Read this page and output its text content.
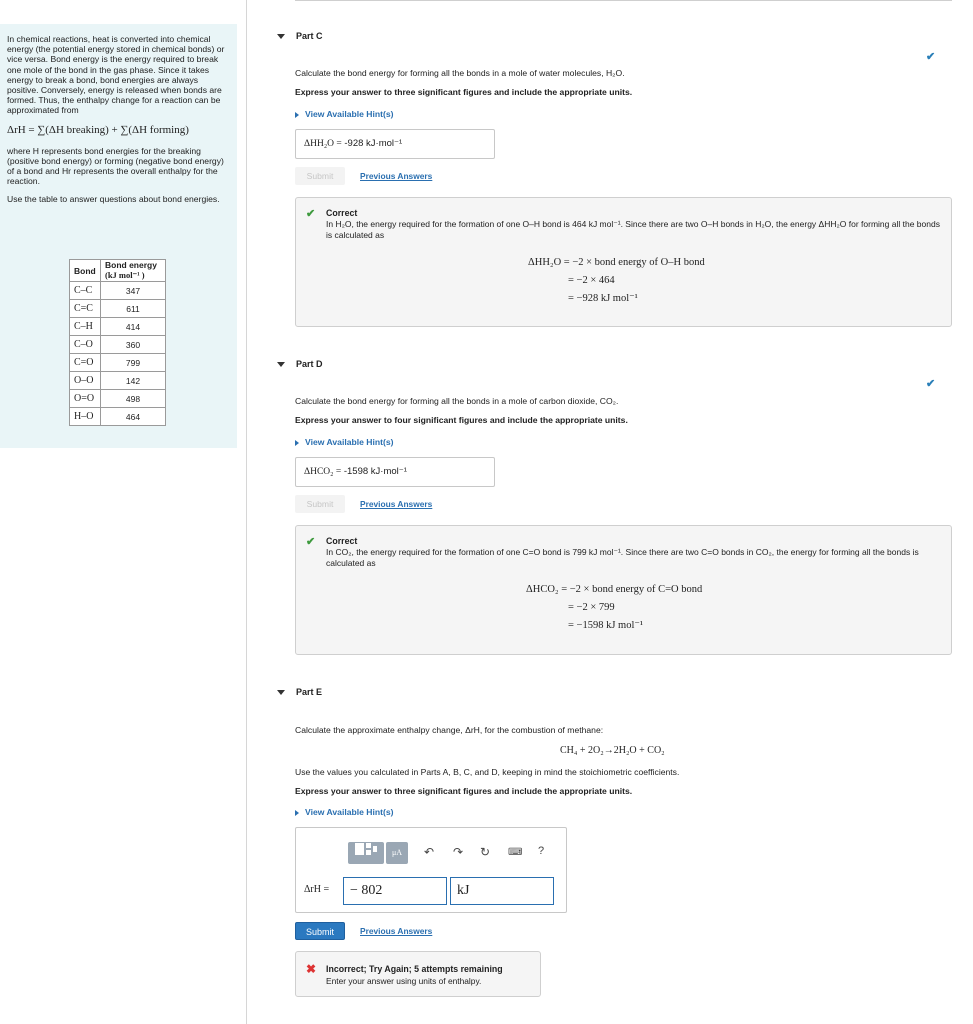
In chemical reactions, heat is converted into chemical energy (the potential energy stored in chemical bonds) or vice versa. Bond energy is the energy required to break one mole of the bond in the gas phase. Since it takes energy to break a bond, bond energies are always positive. Conversely, energy is released when bonds are formed. Thus, the enthalpy change for a reaction can be approximated from

ΔrH = ∑(ΔH breaking) + ∑(ΔH forming)

where H represents bond energies for the breaking (positive bond energy) or forming (negative bond energy) of a bond and Hr represents the overall enthalpy for the reaction.

Use the table to answer questions about bond energies.

Bond	Bond energy
(kJ mol⁻¹ )
C–C	347
C=C	611
C–H	414
C–O	360
C=O	799
O–O	142
O=O	498
H–O	464
Part C
✔
Calculate the bond energy for forming all the bonds in a mole of water molecules, H₂O.
Express your answer to three significant figures and include the appropriate units.
View Available Hint(s)
ΔHH₂O = -928 kJ·mol⁻¹
Submit	Previous Answers
✔ Correct
In H₂O, the energy required for the formation of one O–H bond is 464 kJ mol⁻¹. Since there are two O–H bonds in H₂O, the energy ΔHH₂O for forming all the bonds is calculated as
ΔHH₂O = −2 × bond energy of O–H bond
= −2 × 464
= −928 kJ mol⁻¹
Part D
✔
Calculate the bond energy for forming all the bonds in a mole of carbon dioxide, CO₂.
Express your answer to four significant figures and include the appropriate units.
View Available Hint(s)
ΔHCO₂ = -1598 kJ·mol⁻¹
Submit	Previous Answers
✔ Correct
In CO₂, the energy required for the formation of one C=O bond is 799 kJ mol⁻¹. Since there are two C=O bonds in CO₂, the energy for forming all the bonds is calculated as
ΔHCO₂ = −2 × bond energy of C=O bond
= −2 × 799
= −1598 kJ mol⁻¹
Part E
Calculate the approximate enthalpy change, ΔrH, for the combustion of methane:
CH₄ + 2O₂→2H₂O + CO₂
Use the values you calculated in Parts A, B, C, and D, keeping in mind the stoichiometric coefficients.
Express your answer to three significant figures and include the appropriate units.
View Available Hint(s)
μA	↶ ↷ ↻ ⌨ ?
ΔrH =	− 802	kJ
Submit	Previous Answers
✖ Incorrect; Try Again; 5 attempts remaining
Enter your answer using units of enthalpy.
